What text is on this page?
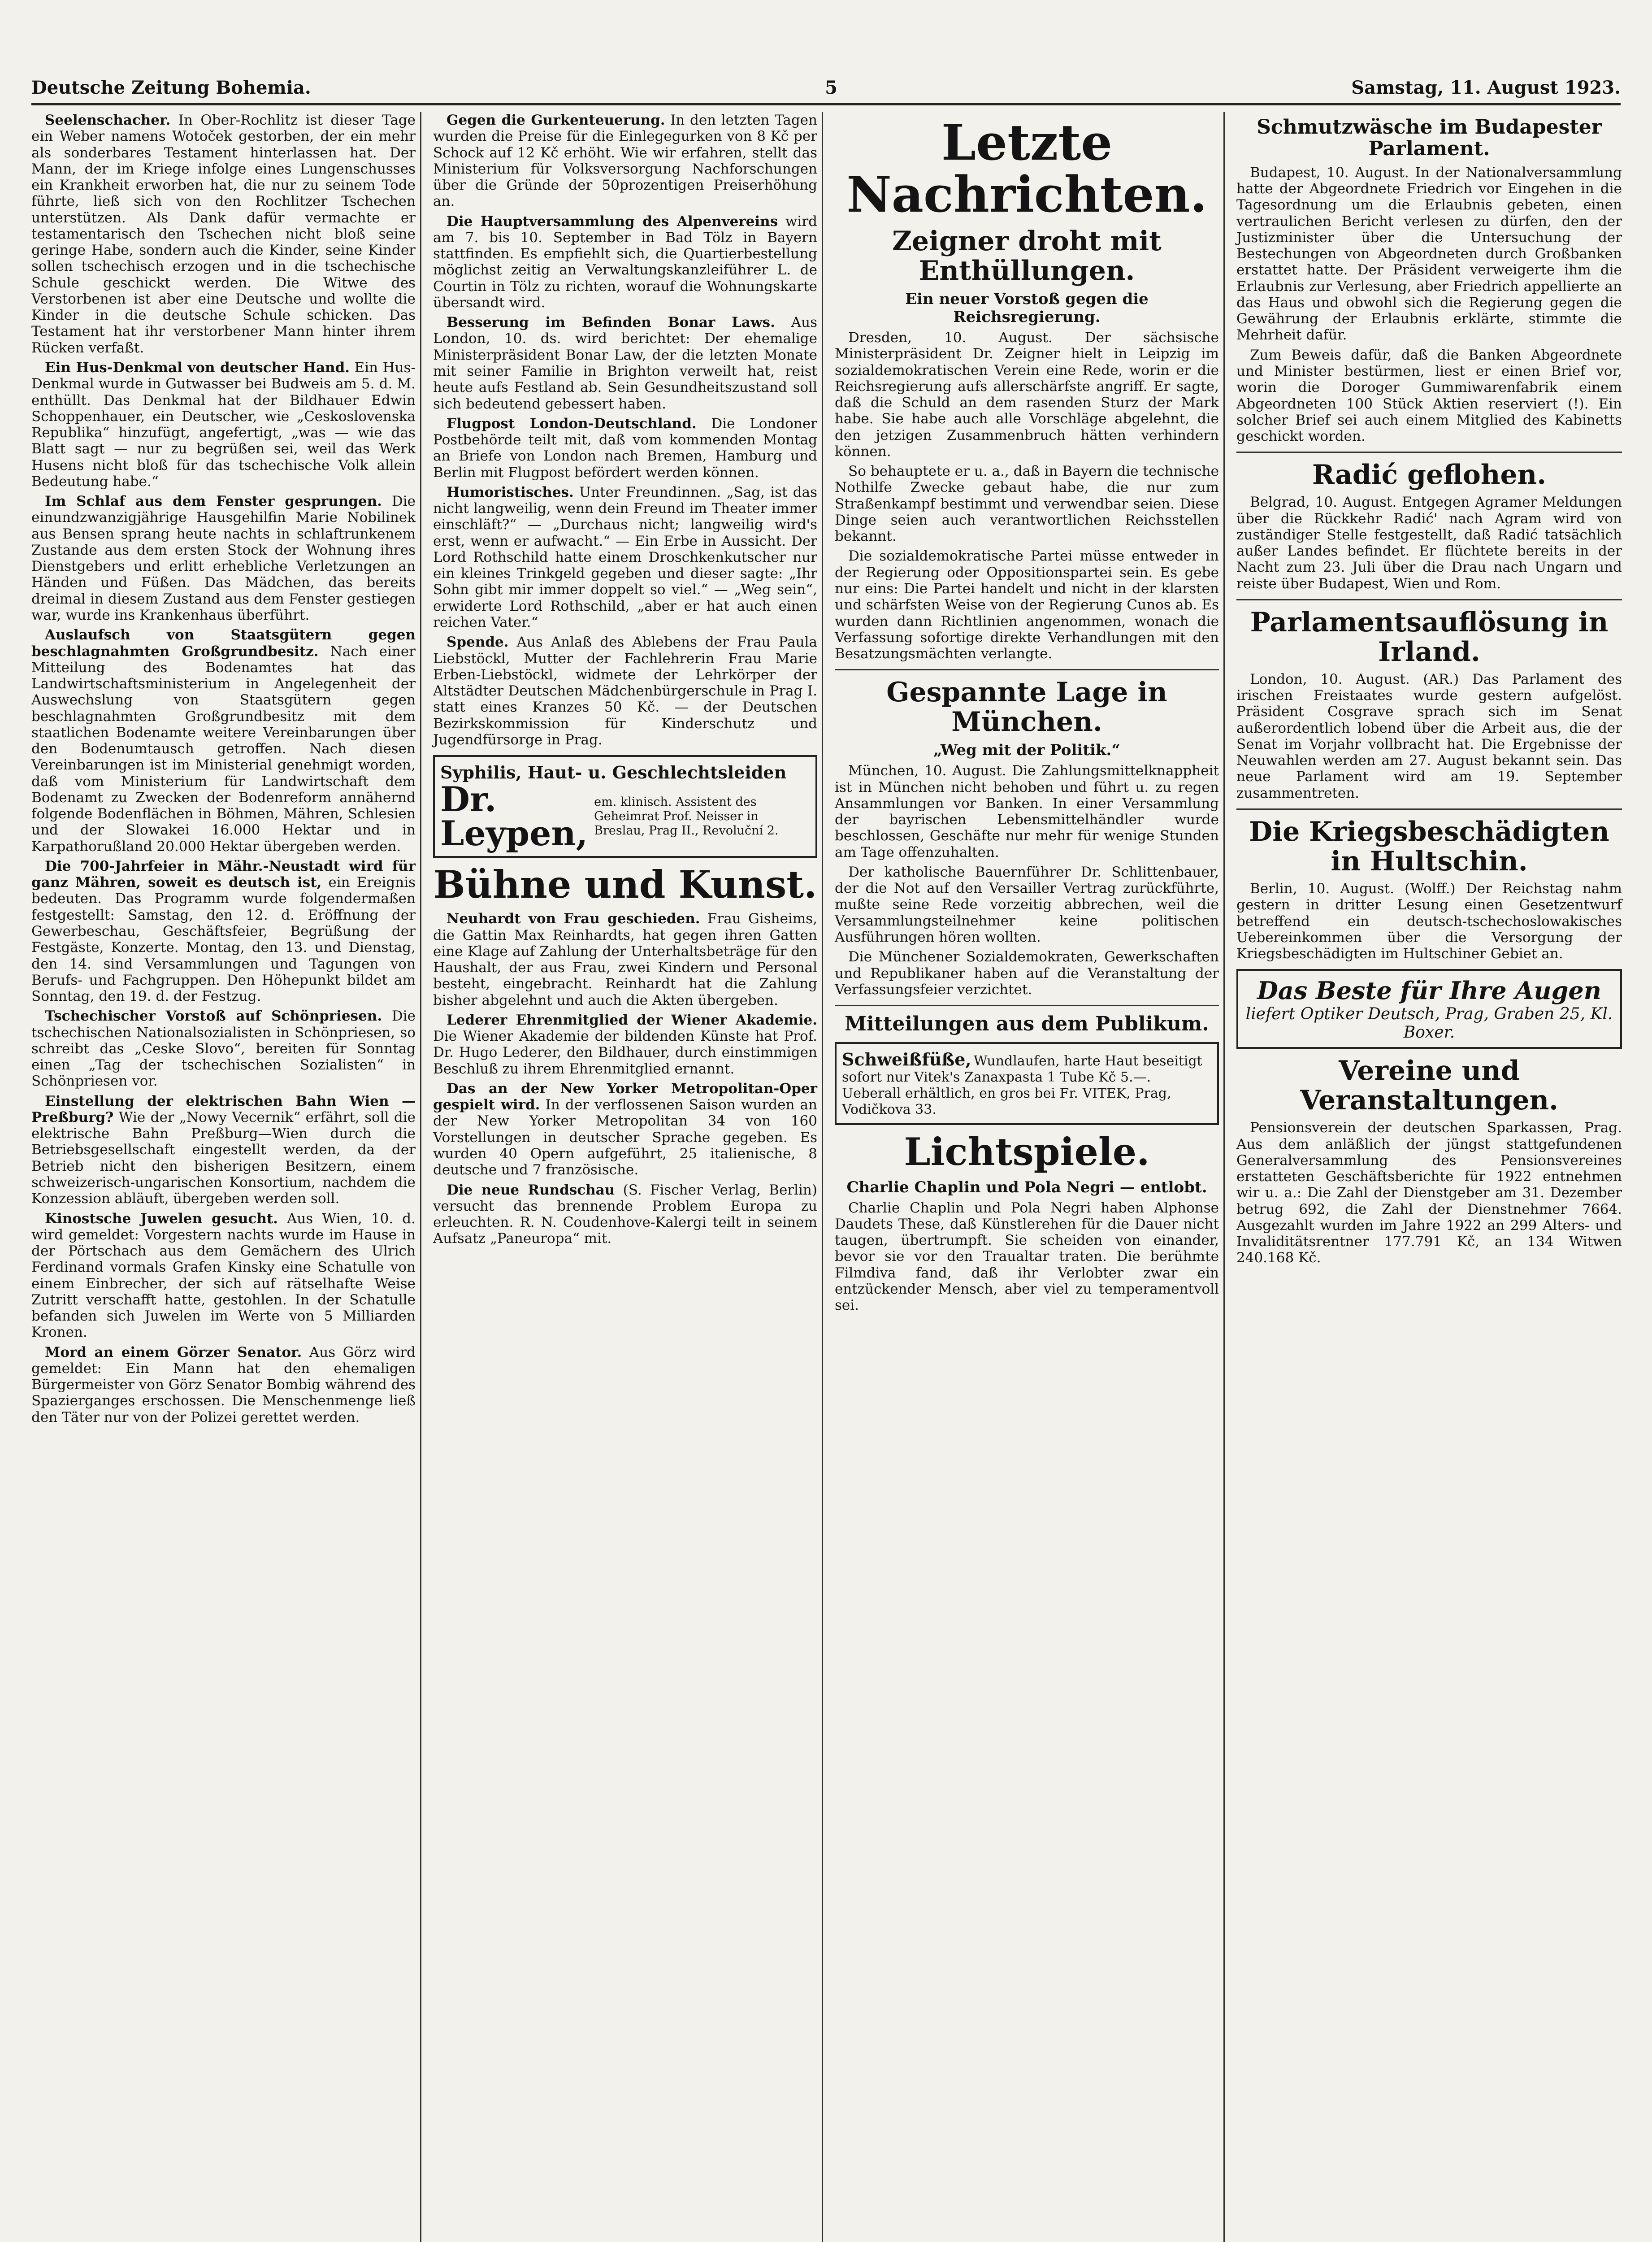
Deutsche Zeitung Bohemia.	5	Samstag, 11. August 1923.

Seelenschacher. In Ober-Rochlitz ist dieser Tage ein Weber namens Wotoček gestorben, der ein mehr als sonderbares Testament hinterlassen hat. Der Mann, der im Kriege infolge eines Lungenschusses ein Krankheit erworben hat, die nur zu seinem Tode führte, ließ sich von den Rochlitzer Tschechen unterstützen. Als Dank dafür vermachte er testamentarisch den Tschechen nicht bloß seine geringe Habe, sondern auch die Kinder, seine Kinder sollen tschechisch erzogen und in die tschechische Schule geschickt werden. Die Witwe des Verstorbenen ist aber eine Deutsche und wollte die Kinder in die deutsche Schule schicken. Das Testament hat ihr verstorbener Mann hinter ihrem Rücken verfaßt.

Ein Hus-Denkmal von deutscher Hand. Ein Hus-Denkmal wurde in Gutwasser bei Budweis am 5. d. M. enthüllt. Das Denkmal hat der Bildhauer Edwin Schoppenhauer, ein Deutscher, wie „Ceskoslovenska Republika“ hinzufügt, angefertigt, „was — wie das Blatt sagt — nur zu begrüßen sei, weil das Werk Husens nicht bloß für das tschechische Volk allein Bedeutung habe.“

Im Schlaf aus dem Fenster gesprungen. Die einundzwanzigjährige Hausgehilfin Marie Nobilinek aus Bensen sprang heute nachts in schlaftrunkenem Zustande aus dem ersten Stock der Wohnung ihres Dienstgebers und erlitt erhebliche Verletzungen an Händen und Füßen. Das Mädchen, das bereits dreimal in diesem Zustand aus dem Fenster gestiegen war, wurde ins Krankenhaus überführt.

Auslaufsch von Staatsgütern gegen beschlagnahmten Großgrundbesitz. Nach einer Mitteilung des Bodenamtes hat das Landwirtschaftsministerium in Angelegenheit der Auswechslung von Staatsgütern gegen beschlagnahmten Großgrundbesitz mit dem staatlichen Bodenamte weitere Vereinbarungen über den Bodenumtausch getroffen. Nach diesen Vereinbarungen ist im Ministerial genehmigt worden, daß vom Ministerium für Landwirtschaft dem Bodenamt zu Zwecken der Bodenreform annähernd folgende Bodenflächen in Böhmen, Mähren, Schlesien und der Slowakei 16.000 Hektar und in Karpathorußland 20.000 Hektar übergeben werden.

Die 700-Jahrfeier in Mähr.-Neustadt wird für ganz Mähren, soweit es deutsch ist, ein Ereignis bedeuten. Das Programm wurde folgendermaßen festgestellt: Samstag, den 12. d. Eröffnung der Gewerbeschau, Geschäftsfeier, Begrüßung der Festgäste, Konzerte. Montag, den 13. und Dienstag, den 14. sind Versammlungen und Tagungen von Berufs- und Fachgruppen. Den Höhepunkt bildet am Sonntag, den 19. d. der Festzug.

Tschechischer Vorstoß auf Schönpriesen. Die tschechischen Nationalsozialisten in Schönpriesen, so schreibt das „Ceske Slovo“, bereiten für Sonntag einen „Tag der tschechischen Sozialisten“ in Schönpriesen vor.

Einstellung der elektrischen Bahn Wien — Preßburg? Wie der „Nowy Vecernik“ erfährt, soll die elektrische Bahn Preßburg—Wien durch die Betriebsgesellschaft eingestellt werden, da der Betrieb nicht den bisherigen Besitzern, einem schweizerisch-ungarischen Konsortium, nachdem die Konzession abläuft, übergeben werden soll.

Kinostsche Juwelen gesucht. Aus Wien, 10. d. wird gemeldet: Vorgestern nachts wurde im Hause in der Pörtschach aus dem Gemächern des Ulrich Ferdinand vormals Grafen Kinsky eine Schatulle von einem Einbrecher, der sich auf rätselhafte Weise Zutritt verschafft hatte, gestohlen. In der Schatulle befanden sich Juwelen im Werte von 5 Milliarden Kronen.

Mord an einem Görzer Senator. Aus Görz wird gemeldet: Ein Mann hat den ehemaligen Bürgermeister von Görz Senator Bombig während des Spazierganges erschossen. Die Menschenmenge ließ den Täter nur von der Polizei gerettet werden.

Gegen die Gurkenteuerung. In den letzten Tagen wurden die Preise für die Einlegegurken von 8 Kč per Schock auf 12 Kč erhöht. Wie wir erfahren, stellt das Ministerium für Volksversorgung Nachforschungen über die Gründe der 50prozentigen Preiserhöhung an.

Die Hauptversammlung des Alpenvereins wird am 7. bis 10. September in Bad Tölz in Bayern stattfinden. Es empfiehlt sich, die Quartierbestellung möglichst zeitig an Verwaltungskanzleiführer L. de Courtin in Tölz zu richten, worauf die Wohnungskarte übersandt wird.

Besserung im Befinden Bonar Laws. Aus London, 10. ds. wird berichtet: Der ehemalige Ministerpräsident Bonar Law, der die letzten Monate mit seiner Familie in Brighton verweilt hat, reist heute aufs Festland ab. Sein Gesundheitszustand soll sich bedeutend gebessert haben.

Flugpost London-Deutschland. Die Londoner Postbehörde teilt mit, daß vom kommenden Montag an Briefe von London nach Bremen, Hamburg und Berlin mit Flugpost befördert werden können.

Humoristisches. Unter Freundinnen. „Sag, ist das nicht langweilig, wenn dein Freund im Theater immer einschläft?“ — „Durchaus nicht; langweilig wird's erst, wenn er aufwacht.“ — Ein Erbe in Aussicht. Der Lord Rothschild hatte einem Droschkenkutscher nur ein kleines Trinkgeld gegeben und dieser sagte: „Ihr Sohn gibt mir immer doppelt so viel.“ — „Weg sein“, erwiderte Lord Rothschild, „aber er hat auch einen reichen Vater.“

Spende. Aus Anlaß des Ablebens der Frau Paula Liebstöckl, Mutter der Fachlehrerin Frau Marie Erben-Liebstöckl, widmete der Lehrkörper der Altstädter Deutschen Mädchenbürgerschule in Prag I. statt eines Kranzes 50 Kč. — der Deutschen Bezirkskommission für Kinderschutz und Jugendfürsorge in Prag.

Syphilis, Haut- u. Geschlechtsleiden
Dr. Leypen,
em. klinisch. Assistent des Geheimrat Prof. Neisser in Breslau, Prag II., Revoluční 2.
Bühne und Kunst.

Neuhardt von Frau geschieden. Frau Gisheims, die Gattin Max Reinhardts, hat gegen ihren Gatten eine Klage auf Zahlung der Unterhaltsbeträge für den Haushalt, der aus Frau, zwei Kindern und Personal besteht, eingebracht. Reinhardt hat die Zahlung bisher abgelehnt und auch die Akten übergeben.

Lederer Ehrenmitglied der Wiener Akademie. Die Wiener Akademie der bildenden Künste hat Prof. Dr. Hugo Lederer, den Bildhauer, durch einstimmigen Beschluß zu ihrem Ehrenmitglied ernannt.

Das an der New Yorker Metropolitan-Oper gespielt wird. In der verflossenen Saison wurden an der New Yorker Metropolitan 34 von 160 Vorstellungen in deutscher Sprache gegeben. Es wurden 40 Opern aufgeführt, 25 italienische, 8 deutsche und 7 französische.

Die neue Rundschau (S. Fischer Verlag, Berlin) versucht das brennende Problem Europa zu erleuchten. R. N. Coudenhove-Kalergi teilt in seinem Aufsatz „Paneuropa“ mit.

Letzte Nachrichten.
Zeigner droht mit Enthüllungen.
Ein neuer Vorstoß gegen die Reichsregierung.

Dresden, 10. August. Der sächsische Ministerpräsident Dr. Zeigner hielt in Leipzig im sozialdemokratischen Verein eine Rede, worin er die Reichsregierung aufs allerschärfste angriff. Er sagte, daß die Schuld an dem rasenden Sturz der Mark habe. Sie habe auch alle Vorschläge abgelehnt, die den jetzigen Zusammenbruch hätten verhindern können.

So behauptete er u. a., daß in Bayern die technische Nothilfe Zwecke gebaut habe, die nur zum Straßenkampf bestimmt und verwendbar seien. Diese Dinge seien auch verantwortlichen Reichsstellen bekannt.

Die sozialdemokratische Partei müsse entweder in der Regierung oder Oppositionspartei sein. Es gebe nur eins: Die Partei handelt und nicht in der klarsten und schärfsten Weise von der Regierung Cunos ab. Es wurden dann Richtlinien angenommen, wonach die Verfassung sofortige direkte Verhandlungen mit den Besatzungsmächten verlangte.

Gespannte Lage in München.
„Weg mit der Politik.“

München, 10. August. Die Zahlungsmittelknappheit ist in München nicht behoben und führt u. zu regen Ansammlungen vor Banken. In einer Versammlung der bayrischen Lebensmittelhändler wurde beschlossen, Geschäfte nur mehr für wenige Stunden am Tage offenzuhalten.

Der katholische Bauernführer Dr. Schlittenbauer, der die Not auf den Versailler Vertrag zurückführte, mußte seine Rede vorzeitig abbrechen, weil die Versammlungsteilnehmer keine politischen Ausführungen hören wollten.

Die Münchener Sozialdemokraten, Gewerkschaften und Republikaner haben auf die Veranstaltung der Verfassungsfeier verzichtet.

Mitteilungen aus dem Publikum.
Schweißfüße, Wundlaufen, harte Haut beseitigt sofort nur Vitek's Zanaxpasta 1 Tube Kč 5.—. Ueberall erhältlich, en gros bei Fr. VITEK, Prag, Vodičkova 33.
Lichtspiele.
Charlie Chaplin und Pola Negri — entlobt.

Charlie Chaplin und Pola Negri haben Alphonse Daudets These, daß Künstlerehen für die Dauer nicht taugen, übertrumpft. Sie scheiden von einander, bevor sie vor den Traualtar traten. Die berühmte Filmdiva fand, daß ihr Verlobter zwar ein entzückender Mensch, aber viel zu temperamentvoll sei.

Schmutzwäsche im Budapester Parlament.

Budapest, 10. August. In der Nationalversammlung hatte der Abgeordnete Friedrich vor Eingehen in die Tagesordnung um die Erlaubnis gebeten, einen vertraulichen Bericht verlesen zu dürfen, den der Justizminister über die Untersuchung der Bestechungen von Abgeordneten durch Großbanken erstattet hatte. Der Präsident verweigerte ihm die Erlaubnis zur Verlesung, aber Friedrich appellierte an das Haus und obwohl sich die Regierung gegen die Gewährung der Erlaubnis erklärte, stimmte die Mehrheit dafür.

Zum Beweis dafür, daß die Banken Abgeordnete und Minister bestürmen, liest er einen Brief vor, worin die Doroger Gummiwarenfabrik einem Abgeordneten 100 Stück Aktien reserviert (!). Ein solcher Brief sei auch einem Mitglied des Kabinetts geschickt worden.

Radić geflohen.

Belgrad, 10. August. Entgegen Agramer Meldungen über die Rückkehr Radić' nach Agram wird von zuständiger Stelle festgestellt, daß Radić tatsächlich außer Landes befindet. Er flüchtete bereits in der Nacht zum 23. Juli über die Drau nach Ungarn und reiste über Budapest, Wien und Rom.

Parlamentsauflösung in Irland.

London, 10. August. (AR.) Das Parlament des irischen Freistaates wurde gestern aufgelöst. Präsident Cosgrave sprach sich im Senat außerordentlich lobend über die Arbeit aus, die der Senat im Vorjahr vollbracht hat. Die Ergebnisse der Neuwahlen werden am 27. August bekannt sein. Das neue Parlament wird am 19. September zusammentreten.

Die Kriegsbeschädigten in Hultschin.

Berlin, 10. August. (Wolff.) Der Reichstag nahm gestern in dritter Lesung einen Gesetzentwurf betreffend ein deutsch-tschechoslowakisches Uebereinkommen über die Versorgung der Kriegsbeschädigten im Hultschiner Gebiet an.

Das Beste für Ihre Augen
liefert Optiker Deutsch, Prag, Graben 25, Kl. Boxer.
Vereine und Veranstaltungen.

Pensionsverein der deutschen Sparkassen, Prag. Aus dem anläßlich der jüngst stattgefundenen Generalversammlung des Pensionsvereines erstatteten Geschäftsberichte für 1922 entnehmen wir u. a.: Die Zahl der Dienstgeber am 31. Dezember betrug 692, die Zahl der Dienstnehmer 7664. Ausgezahlt wurden im Jahre 1922 an 299 Alters- und Invaliditätsrentner 177.791 Kč, an 134 Witwen 240.168 Kč.
